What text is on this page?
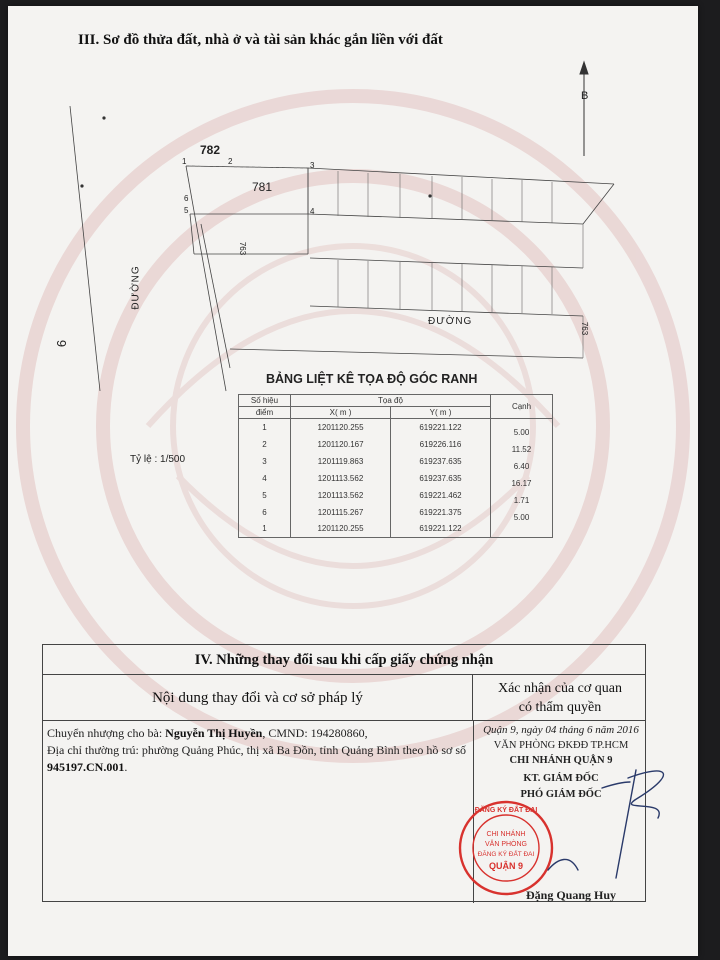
III. Sơ đồ thửa đất, nhà ở và tài sản khác gắn liền với đất
B
782
781
763
763
1	2	3
4
5
6
ĐƯỜNG
ĐƯỜNG
6
BẢNG LIỆT KÊ TỌA ĐỘ GÓC RANH
Số hiệu	Tọa độ		Cạnh
điểm	X( m )	Y( m )	
1	1201120.255	619221.122	5.00

2	1201120.167	619226.116	11.52

3	1201119.863	619237.635	6.40

4	1201113.562	619237.635	16.17

5	1201113.562	619221.462	1.71

6	1201115.267	619221.375	5.00

1	1201120.255	619221.122	
Tỷ lệ : 1/500
IV. Những thay đổi sau khi cấp giấy chứng nhận
Nội dung thay đổi và cơ sở pháp lý
Xác nhận của cơ quan
có thẩm quyền
Chuyển nhượng cho bà: Nguyễn Thị Huyền, CMND: 194280860,
Địa chỉ thường trú: phường Quảng Phúc, thị xã Ba Đồn, tỉnh Quảng Bình theo hồ sơ số 945197.CN.001.
Quận 9, ngày 04 tháng 6 năm 2016
VĂN PHÒNG ĐKĐĐ TP.HCM
CHI NHÁNH QUẬN 9
KT. GIÁM ĐỐC
PHÓ GIÁM ĐỐC
ĐĂNG KÝ ĐẤT ĐAI
CHI NHÁNH
VĂN PHÒNG
ĐĂNG KÝ ĐẤT ĐAI
QUẬN 9
Đặng Quang Huy
